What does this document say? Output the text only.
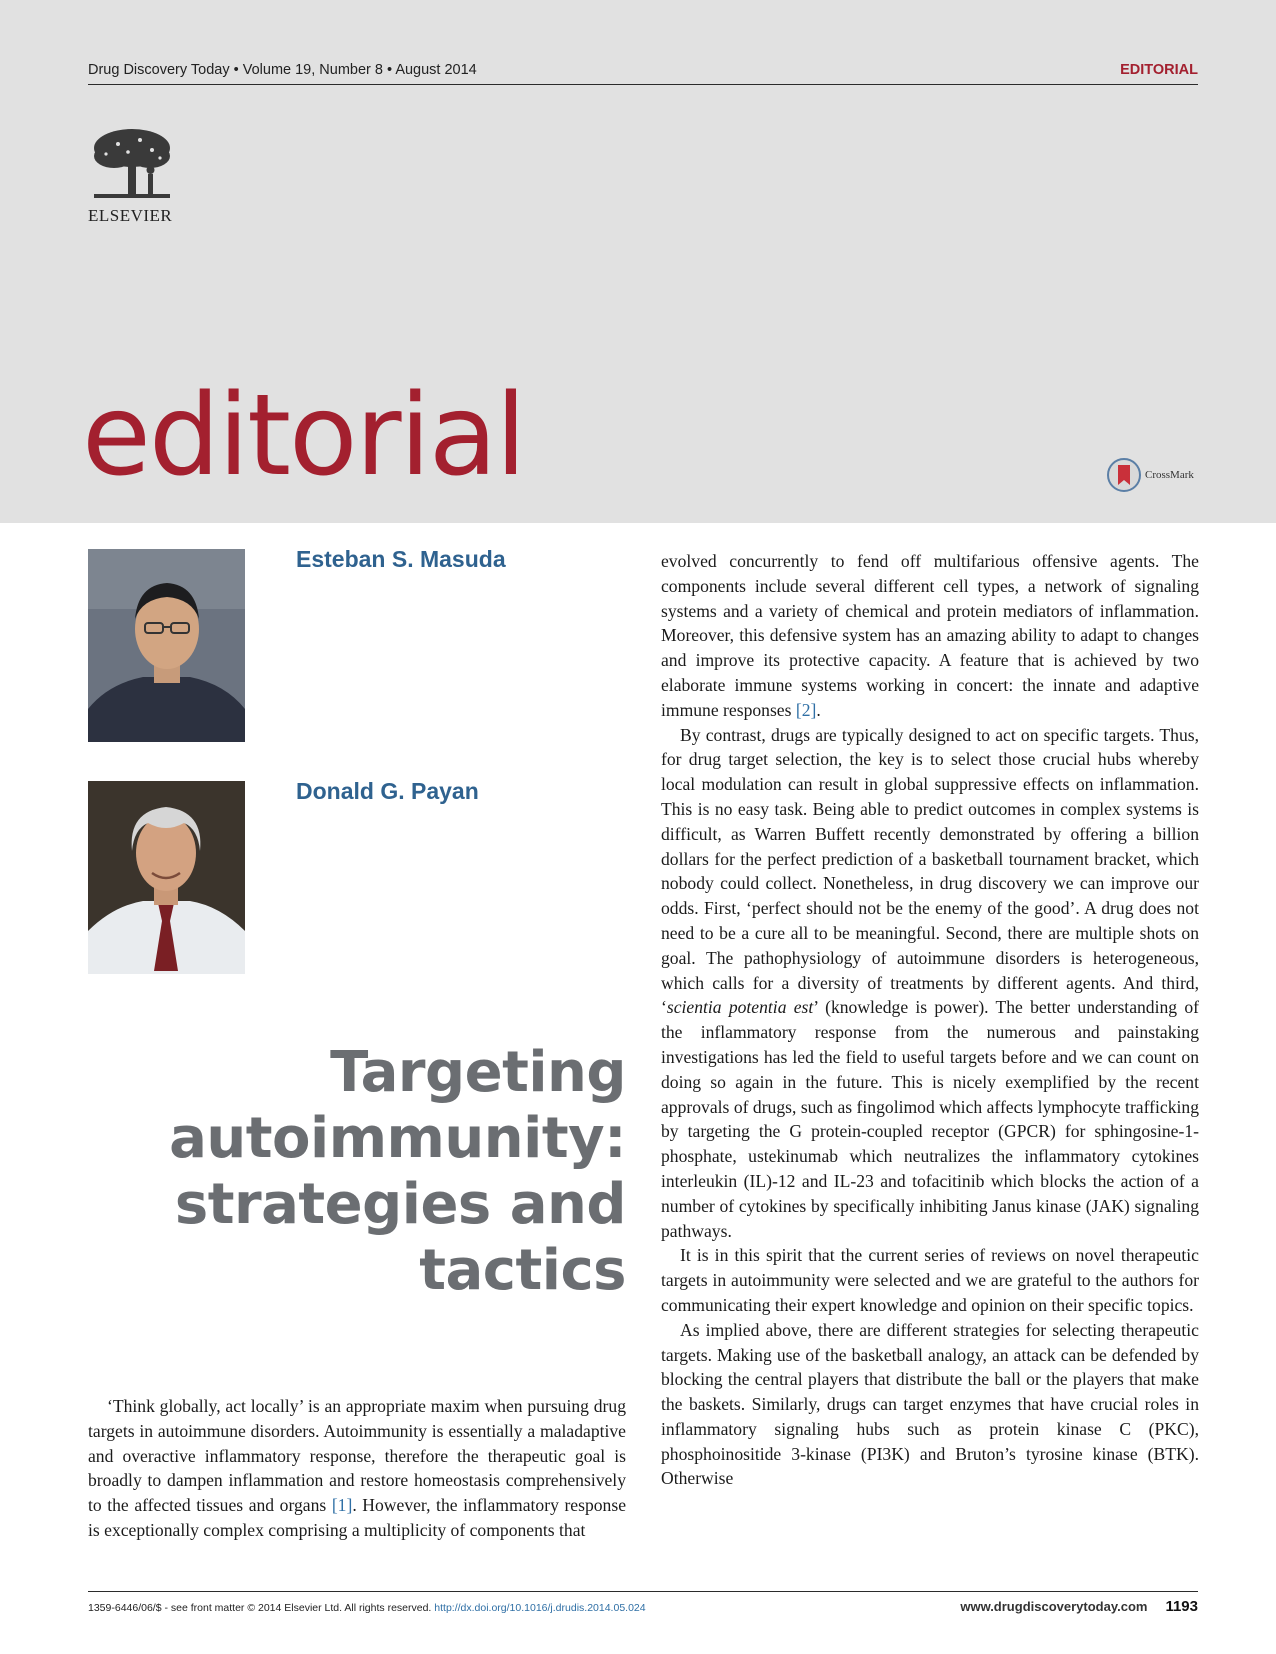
Drug Discovery Today • Volume 19, Number 8 • August 2014	EDITORIAL
ELSEVIER
editorial	CrossMark
Esteban S. Masuda
Donald G. Payan
Targeting
autoimmunity:
strategies and
tactics

‘Think globally, act locally’ is an appropriate maxim when pursuing drug targets in autoimmune disorders. Autoimmunity is essentially a maladaptive and overactive inflammatory response, therefore the therapeutic goal is broadly to dampen inflammation and restore homeostasis comprehensively to the affected tissues and organs [1]. However, the inflammatory response is exceptionally complex comprising a multiplicity of components that

evolved concurrently to fend off multifarious offensive agents. The components include several different cell types, a network of signaling systems and a variety of chemical and protein mediators of inflammation. Moreover, this defensive system has an amazing ability to adapt to changes and improve its protective capacity. A feature that is achieved by two elaborate immune systems working in concert: the innate and adaptive immune responses [2].

By contrast, drugs are typically designed to act on specific targets. Thus, for drug target selection, the key is to select those crucial hubs whereby local modulation can result in global suppressive effects on inflammation. This is no easy task. Being able to predict outcomes in complex systems is difficult, as Warren Buffett recently demonstrated by offering a billion dollars for the perfect prediction of a basketball tournament bracket, which nobody could collect. Nonetheless, in drug discovery we can improve our odds. First, ‘perfect should not be the enemy of the good’. A drug does not need to be a cure all to be meaningful. Second, there are multiple shots on goal. The pathophysiology of autoimmune disorders is heterogeneous, which calls for a diversity of treatments by different agents. And third, ‘scientia potentia est’ (knowledge is power). The better understanding of the inflammatory response from the numerous and painstaking investigations has led the field to useful targets before and we can count on doing so again in the future. This is nicely exemplified by the recent approvals of drugs, such as fingolimod which affects lymphocyte trafficking by targeting the G protein-coupled receptor (GPCR) for sphingosine-1-phosphate, ustekinumab which neutralizes the inflammatory cytokines interleukin (IL)-12 and IL-23 and tofacitinib which blocks the action of a number of cytokines by specifically inhibiting Janus kinase (JAK) signaling pathways.

It is in this spirit that the current series of reviews on novel therapeutic targets in autoimmunity were selected and we are grateful to the authors for communicating their expert knowledge and opinion on their specific topics.

As implied above, there are different strategies for selecting therapeutic targets. Making use of the basketball analogy, an attack can be defended by blocking the central players that distribute the ball or the players that make the baskets. Similarly, drugs can target enzymes that have crucial roles in inflammatory signaling hubs such as protein kinase C (PKC), phosphoinositide 3-kinase (PI3K) and Bruton’s tyrosine kinase (BTK). Otherwise

1359-6446/06/$ - see front matter © 2014 Elsevier Ltd. All rights reserved. http://dx.doi.org/10.1016/j.drudis.2014.05.024	www.drugdiscoverytoday.com 1193
